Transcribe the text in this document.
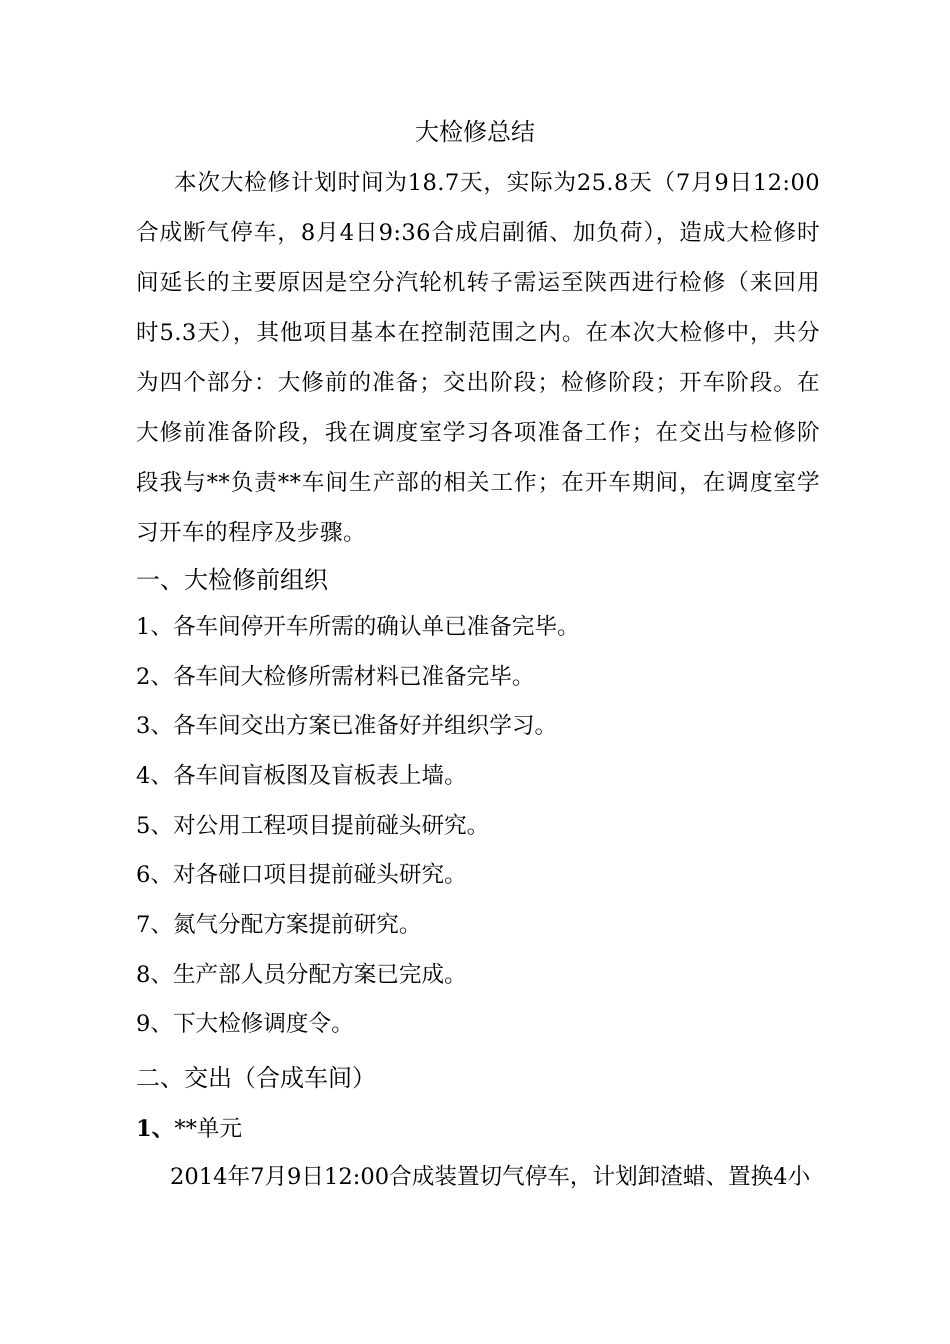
大检修总结

本次大检修计划时间为18.7天，实际为25.8天（7月9日12:00合成断气停车，8月4日9:36合成启副循、加负荷），造成大检修时间延长的主要原因是空分汽轮机转子需运至陕西进行检修（来回用时5.3天），其他项目基本在控制范围之内。在本次大检修中，共分为四个部分：大修前的准备；交出阶段；检修阶段；开车阶段。在大修前准备阶段，我在调度室学习各项准备工作；在交出与检修阶段我与**负责**车间生产部的相关工作；在开车期间，在调度室学习开车的程序及步骤。

一、大检修前组织

1、各车间停开车所需的确认单已准备完毕。

2、各车间大检修所需材料已准备完毕。

3、各车间交出方案已准备好并组织学习。

4、各车间盲板图及盲板表上墙。

5、对公用工程项目提前碰头研究。

6、对各碰口项目提前碰头研究。

7、氮气分配方案提前研究。

8、生产部人员分配方案已完成。

9、下大检修调度令。

二、交出（合成车间）

1、**单元

2014年7月9日12:00合成装置切气停车，计划卸渣蜡、置换4小
